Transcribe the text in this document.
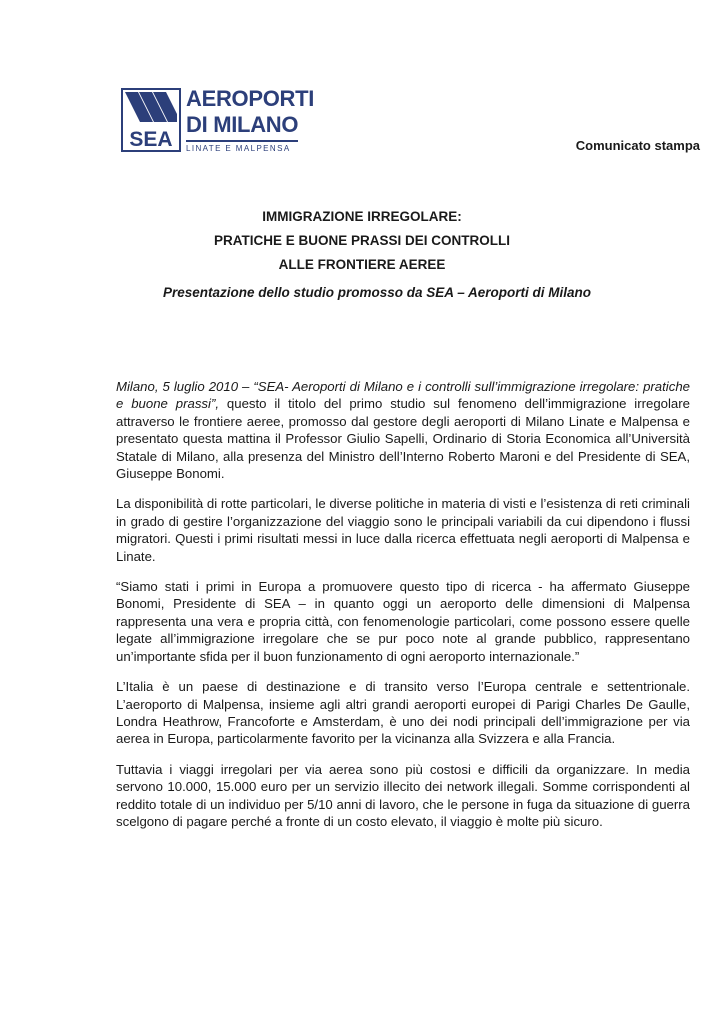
SEA
AEROPORTI
DI MILANO
LINATE E MALPENSA	Comunicato stampa

IMMIGRAZIONE IRREGOLARE:

PRATICHE E BUONE PRASSI DEI CONTROLLI

ALLE FRONTIERE AEREE

Presentazione dello studio promosso da SEA – Aeroporti di Milano

Milano, 5 luglio 2010 – “SEA- Aeroporti di Milano e i controlli sull’immigrazione irregolare: pratiche e buone prassi”, questo il titolo del primo studio sul fenomeno dell’immigrazione irregolare attraverso le frontiere aeree, promosso dal gestore degli aeroporti di Milano Linate e Malpensa e presentato questa mattina il Professor Giulio Sapelli, Ordinario di Storia Economica all’Università Statale di Milano, alla presenza del Ministro dell’Interno Roberto Maroni e del Presidente di SEA, Giuseppe Bonomi.

La disponibilità di rotte particolari, le diverse politiche in materia di visti e l’esistenza di reti criminali in grado di gestire l’organizzazione del viaggio sono le principali variabili da cui dipendono i flussi migratori. Questi i primi risultati messi in luce dalla ricerca effettuata negli aeroporti di Malpensa e Linate.

“Siamo stati i primi in Europa a promuovere questo tipo di ricerca - ha affermato Giuseppe Bonomi, Presidente di SEA – in quanto oggi un aeroporto delle dimensioni di Malpensa rappresenta una vera e propria città, con fenomenologie particolari, come possono essere quelle legate all’immigrazione irregolare che se pur poco note al grande pubblico, rappresentano un’importante sfida per il buon funzionamento di ogni aeroporto internazionale.”

L’Italia è un paese di destinazione e di transito verso l’Europa centrale e settentrionale. L’aeroporto di Malpensa, insieme agli altri grandi aeroporti europei di Parigi Charles De Gaulle, Londra Heathrow, Francoforte e Amsterdam, è uno dei nodi principali dell’immigrazione per via aerea in Europa, particolarmente favorito per la vicinanza alla Svizzera e alla Francia.

Tuttavia i viaggi irregolari per via aerea sono più costosi e difficili da organizzare. In media servono 10.000, 15.000 euro per un servizio illecito dei network illegali. Somme corrispondenti al reddito totale di un individuo per 5/10 anni di lavoro, che le persone in fuga da situazione di guerra scelgono di pagare perché a fronte di un costo elevato, il viaggio è molte più sicuro.
